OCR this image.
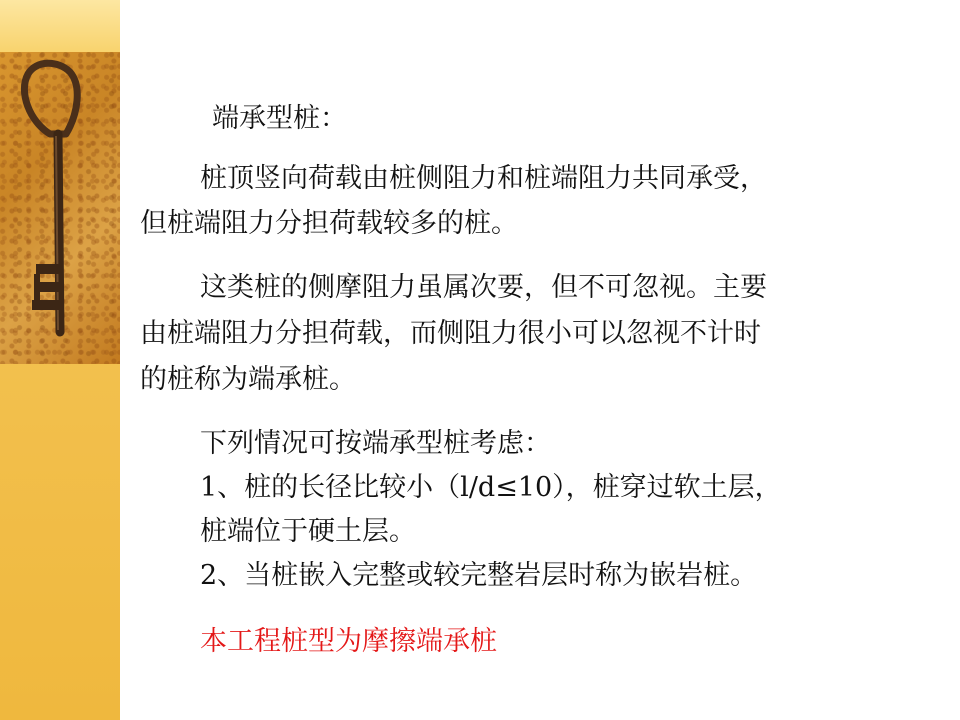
端承型桩：

桩顶竖向荷载由桩侧阻力和桩端阻力共同承受，

但桩端阻力分担荷载较多的桩。

这类桩的侧摩阻力虽属次要，但不可忽视。主要

由桩端阻力分担荷载，而侧阻力很小可以忽视不计时

的桩称为端承桩。

下列情况可按端承型桩考虑：

1、桩的长径比较小（l/d≤10），桩穿过软土层，

桩端位于硬土层。

2、当桩嵌入完整或较完整岩层时称为嵌岩桩。

本工程桩型为摩擦端承桩
